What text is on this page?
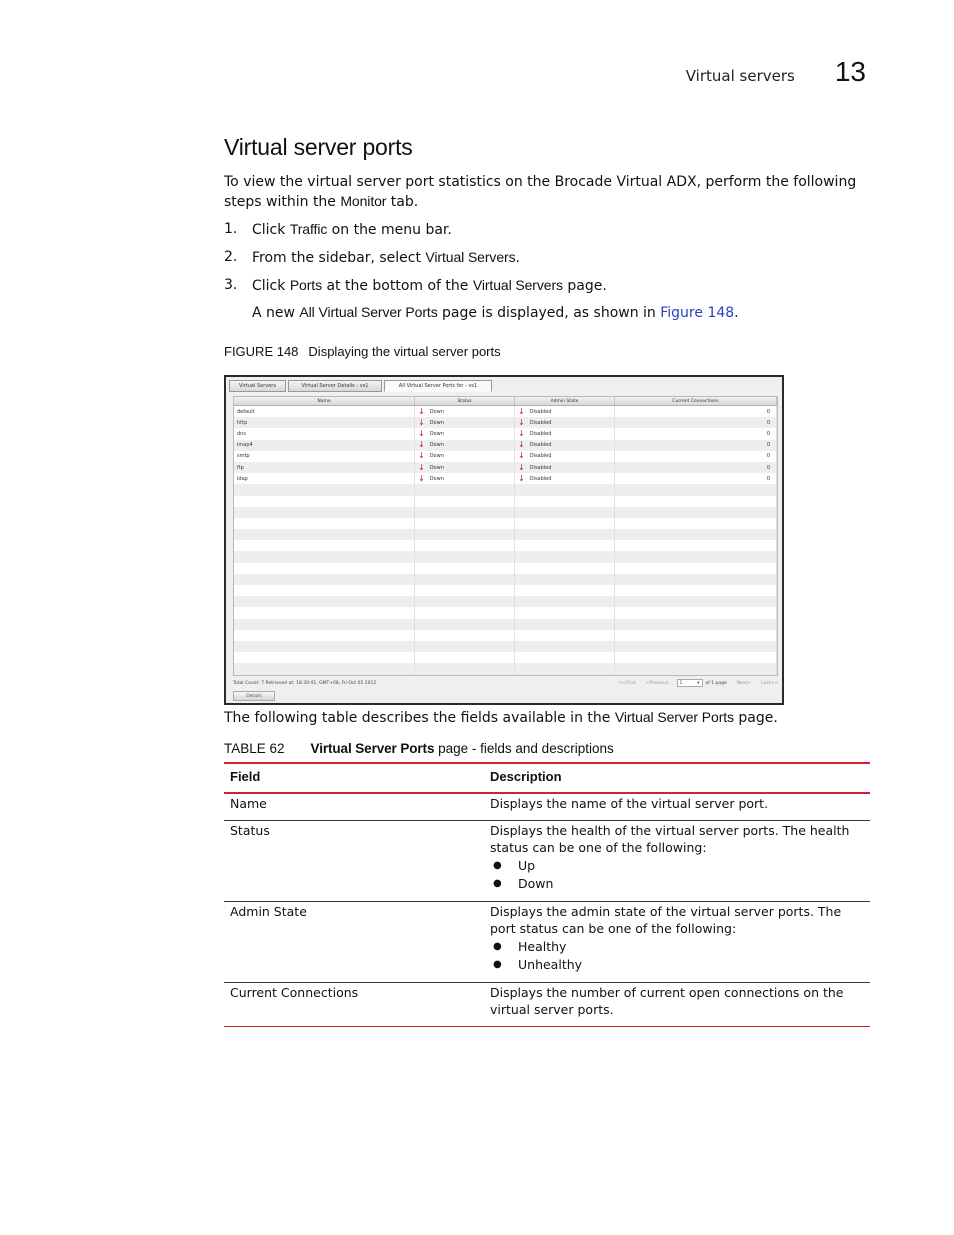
Virtual servers 13
Virtual server ports

To view the virtual server port statistics on the Brocade Virtual ADX, perform the following steps within the Monitor tab.

1.	Click Traffic on the menu bar.
2.	From the sidebar, select Virtual Servers.
3.	Click Ports at the bottom of the Virtual Servers page.

A new All Virtual Server Ports page is displayed, as shown in Figure 148.

FIGURE 148 Displaying the virtual server ports
Virtual Servers	Virtual Server Details - vs1	All Virtual Server Ports for - vs1
Name	Status	Admin State	Current Connections
default	↓ Down	↓ Disabled	0
http	↓ Down	↓ Disabled	0
dns	↓ Down	↓ Disabled	0
imap4	↓ Down	↓ Disabled	0
smtp	↓ Down	↓ Disabled	0
ftp	↓ Down	↓ Disabled	0
ldap	↓ Down	↓ Disabled	0
Total Count: 7 Retrieved at: 18:30:41, GMT+08, Fri Oct 05 2012	<<First <Previous 1	▾ of 1 page Next> Last>>
Details

The following table describes the fields available in the Virtual Server Ports page.

TABLE 62 Virtual Server Ports page - fields and descriptions
Field	Description
Name	Displays the name of the virtual server port.
Status	Displays the health of the virtual server ports. The health status can be one of the following:
●	Up
●	Down
Admin State	Displays the admin state of the virtual server ports. The port status can be one of the following:
●	Healthy
●	Unhealthy
Current Connections	Displays the number of current open connections on the virtual server ports.
